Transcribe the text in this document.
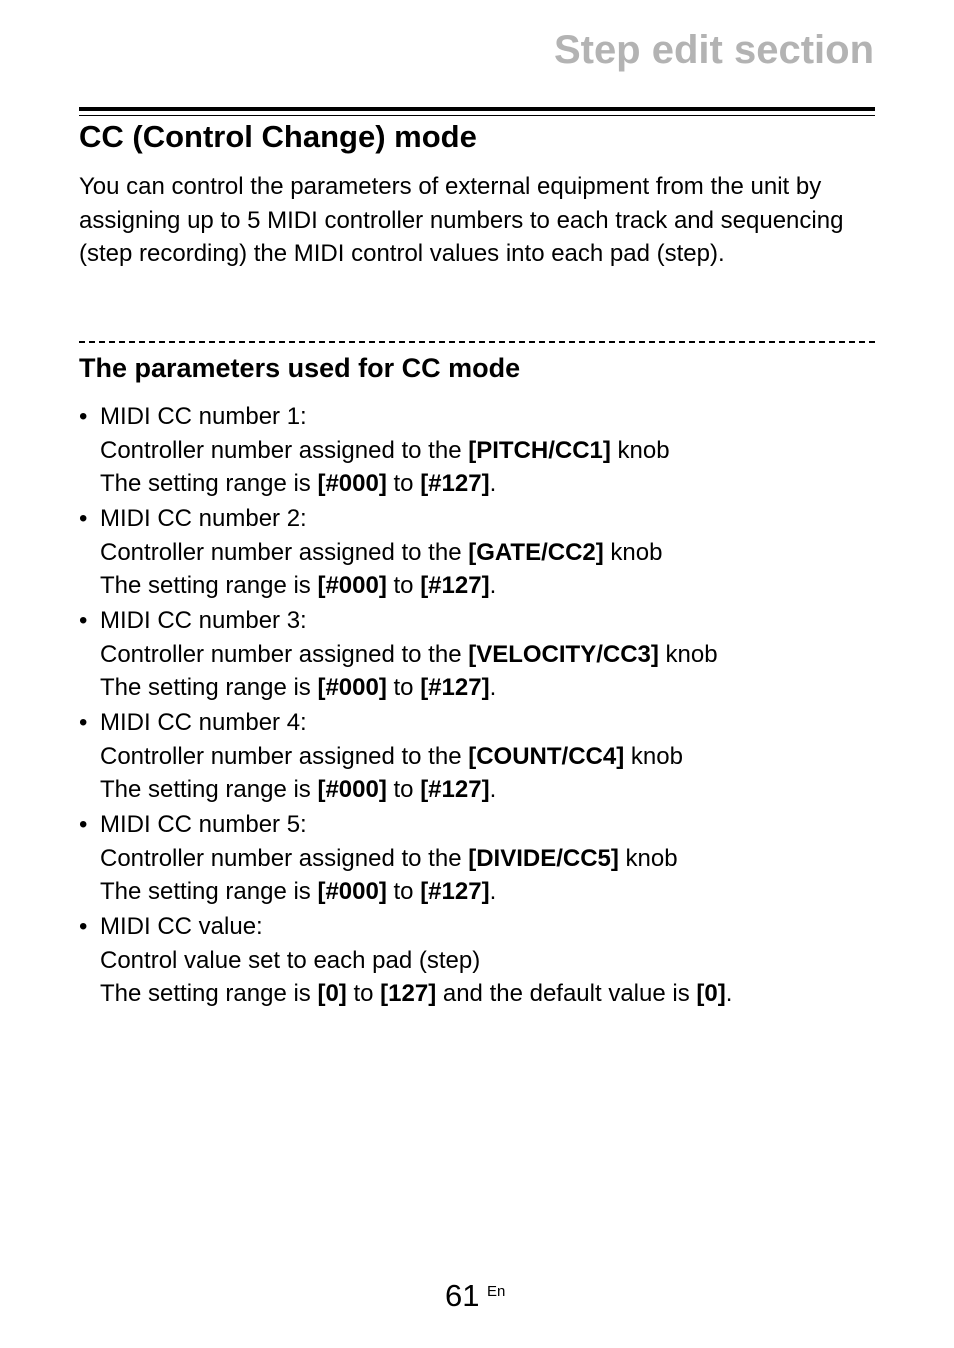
Step edit section
CC (Control Change) mode

You can control the parameters of external equipment from the unit by assigning up to 5 MIDI controller numbers to each track and sequencing (step recording) the MIDI control values into each pad (step).

The parameters used for CC mode
• MIDI CC number 1:
Controller number assigned to the [PITCH/CC1] knob
The setting range is [#000] to [#127].
• MIDI CC number 2:
Controller number assigned to the [GATE/CC2] knob
The setting range is [#000] to [#127].
• MIDI CC number 3:
Controller number assigned to the [VELOCITY/CC3] knob
The setting range is [#000] to [#127].
• MIDI CC number 4:
Controller number assigned to the [COUNT/CC4] knob
The setting range is [#000] to [#127].
• MIDI CC number 5:
Controller number assigned to the [DIVIDE/CC5] knob
The setting range is [#000] to [#127].
• MIDI CC value:
Control value set to each pad (step)
The setting range is [0] to [127] and the default value is [0].
61 En
